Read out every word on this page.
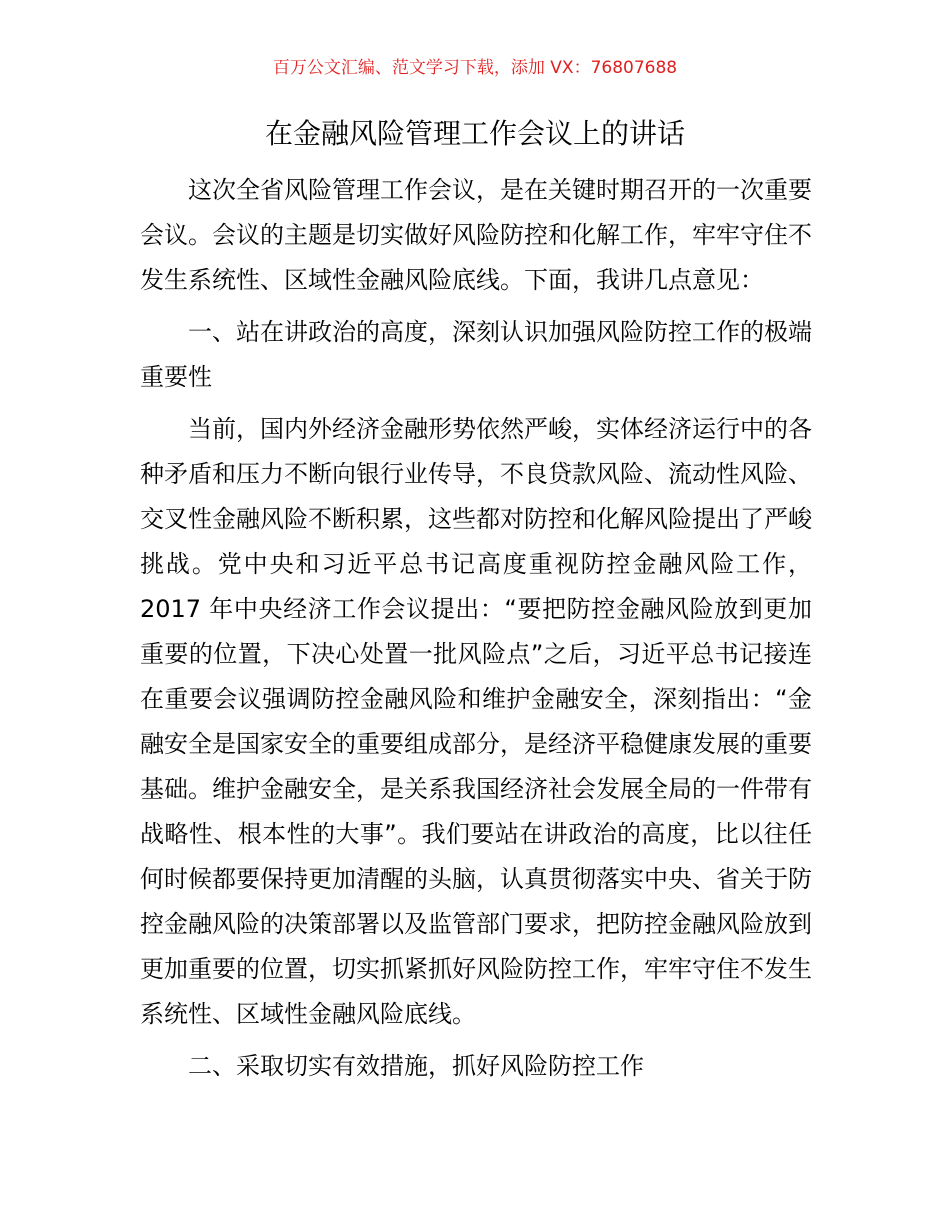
百万公文汇编、范文学习下载，添加 VX：76807688
在金融风险管理工作会议上的讲话

这次全省风险管理工作会议，是在关键时期召开的一次重要会议。会议的主题是切实做好风险防控和化解工作，牢牢守住不发生系统性、区域性金融风险底线。下面，我讲几点意见：

一、站在讲政治的高度，深刻认识加强风险防控工作的极端重要性

当前，国内外经济金融形势依然严峻，实体经济运行中的各种矛盾和压力不断向银行业传导，不良贷款风险、流动性风险、交叉性金融风险不断积累，这些都对防控和化解风险提出了严峻挑战。党中央和习近平总书记高度重视防控金融风险工作，2017 年中央经济工作会议提出：“要把防控金融风险放到更加重要的位置，下决心处置一批风险点”之后，习近平总书记接连在重要会议强调防控金融风险和维护金融安全，深刻指出：“金融安全是国家安全的重要组成部分，是经济平稳健康发展的重要基础。维护金融安全，是关系我国经济社会发展全局的一件带有战略性、根本性的大事”。我们要站在讲政治的高度，比以往任何时候都要保持更加清醒的头脑，认真贯彻落实中央、省关于防控金融风险的决策部署以及监管部门要求，把防控金融风险放到更加重要的位置，切实抓紧抓好风险防控工作，牢牢守住不发生系统性、区域性金融风险底线。

二、采取切实有效措施，抓好风险防控工作
